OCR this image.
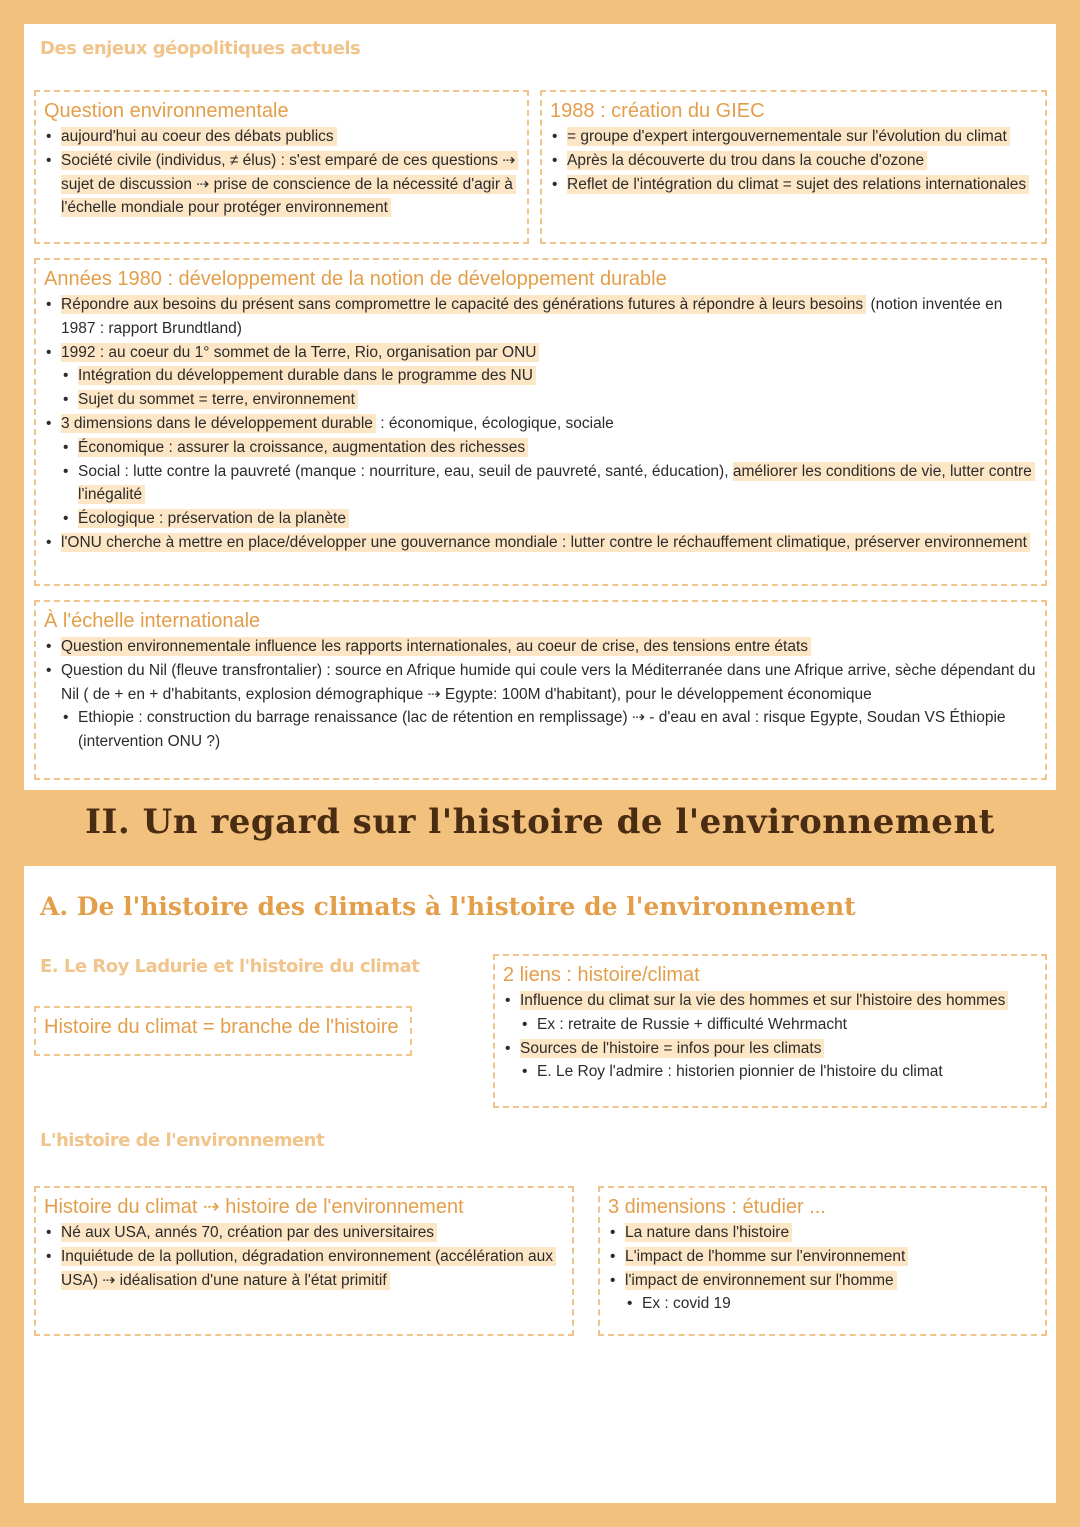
Des enjeux géopolitiques actuels
Question environnementale
• aujourd'hui au coeur des débats publics
• Société civile (individus, ≠ élus) : s'est emparé de ces questions ⇢ sujet de discussion ⇢ prise de conscience de la nécessité d'agir à l'échelle mondiale pour protéger environnement
1988 : création du GIEC
• = groupe d'expert intergouvernementale sur l'évolution du climat
• Après la découverte du trou dans la couche d'ozone
• Reflet de l'intégration du climat = sujet des relations internationales
Années 1980 : développement de la notion de développement durable
• Répondre aux besoins du présent sans compromettre le capacité des générations futures à répondre à leurs besoins (notion inventée en 1987 : rapport Brundtland)
• 1992 : au coeur du 1° sommet de la Terre, Rio, organisation par ONU
• Intégration du développement durable dans le programme des NU
• Sujet du sommet = terre, environnement
• 3 dimensions dans le développement durable : économique, écologique, sociale
• Économique : assurer la croissance, augmentation des richesses
• Social : lutte contre la pauvreté (manque : nourriture, eau, seuil de pauvreté, santé, éducation), améliorer les conditions de vie, lutter contre l'inégalité
• Écologique : préservation de la planète
• l'ONU cherche à mettre en place/développer une gouvernance mondiale : lutter contre le réchauffement climatique, préserver environnement
À l'échelle internationale
• Question environnementale influence les rapports internationales, au coeur de crise, des tensions entre états
• Question du Nil (fleuve transfrontalier) : source en Afrique humide qui coule vers la Méditerranée dans une Afrique arrive, sèche dépendant du Nil ( de + en + d'habitants, explosion démographique ⇢ Egypte: 100M d'habitant), pour le développement économique
• Ethiopie : construction du barrage renaissance (lac de rétention en remplissage) ⇢ - d'eau en aval : risque Egypte, Soudan VS Éthiopie (intervention ONU ?)
II. Un regard sur l'histoire de l'environnement
A. De l'histoire des climats à l'histoire de l'environnement
E. Le Roy Ladurie et l'histoire du climat
Histoire du climat = branche de l'histoire
2 liens : histoire/climat
• Influence du climat sur la vie des hommes et sur l'histoire des hommes
• Ex : retraite de Russie + difficulté Wehrmacht
• Sources de l'histoire = infos pour les climats
• E. Le Roy l'admire : historien pionnier de l'histoire du climat
L'histoire de l'environnement
Histoire du climat ⇢ histoire de l'environnement
• Né aux USA, annés 70, création par des universitaires
• Inquiétude de la pollution, dégradation environnement (accélération aux USA) ⇢ idéalisation d'une nature à l'état primitif
3 dimensions : étudier ...
• La nature dans l'histoire
• L'impact de l'homme sur l'environnement
• l'impact de environnement sur l'homme
• Ex : covid 19
